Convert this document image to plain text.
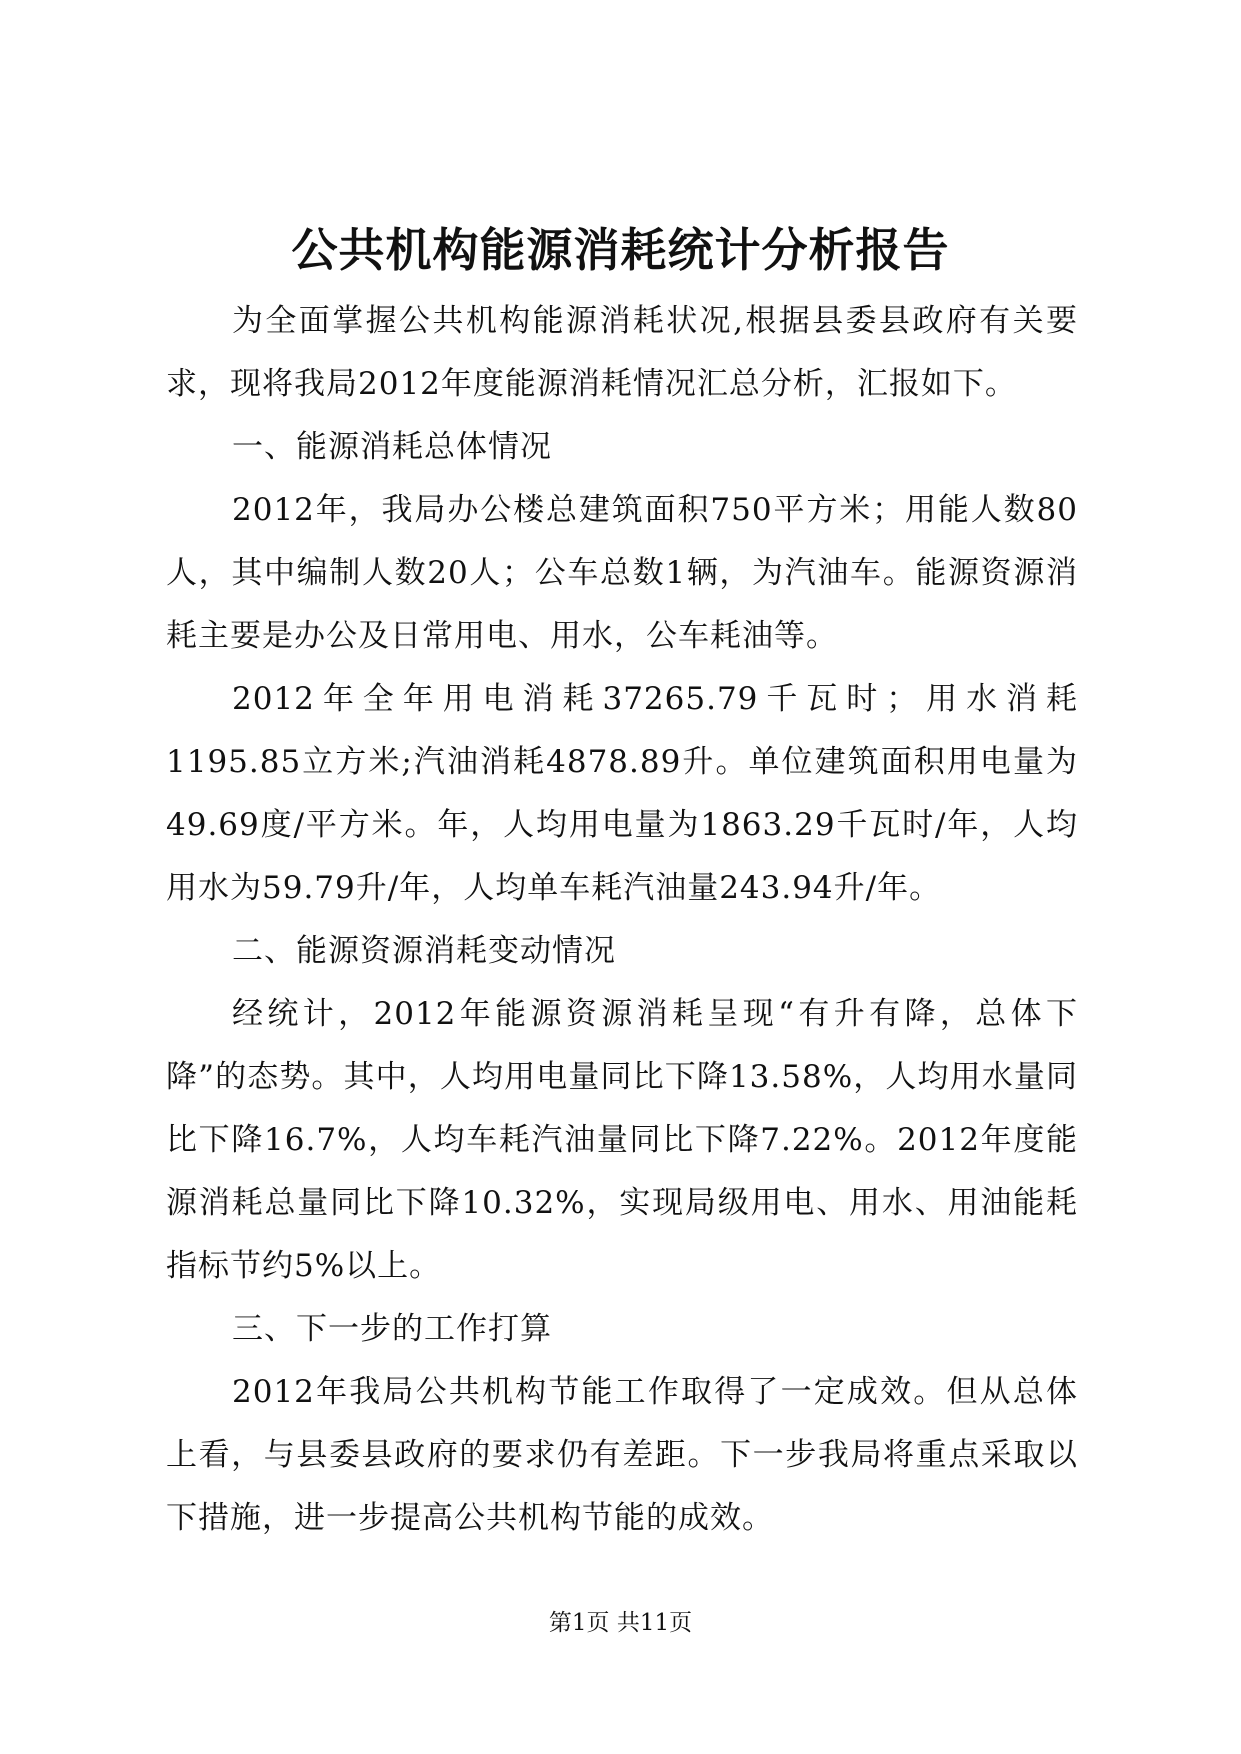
公共机构能源消耗统计分析报告

为全面掌握公共机构能源消耗状况,根据县委县政府有关要求，现将我局2012年度能源消耗情况汇总分析，汇报如下。

一、能源消耗总体情况

2012年，我局办公楼总建筑面积750平方米；用能人数80人，其中编制人数20人；公车总数1辆，为汽油车。能源资源消耗主要是办公及日常用电、用水，公车耗油等。

2012年全年用电消耗37265.79千瓦时；用水消耗1195.85立方米;汽油消耗4878.89升。单位建筑面积用电量为49.69度/平方米。年，人均用电量为1863.29千瓦时/年，人均用水为59.79升/年，人均单车耗汽油量243.94升/年。

二、能源资源消耗变动情况

经统计，2012年能源资源消耗呈现“有升有降，总体下降”的态势。其中，人均用电量同比下降13.58%，人均用水量同比下降16.7%，人均车耗汽油量同比下降7.22%。2012年度能源消耗总量同比下降10.32%，实现局级用电、用水、用油能耗指标节约5%以上。

三、下一步的工作打算

2012年我局公共机构节能工作取得了一定成效。但从总体上看，与县委县政府的要求仍有差距。下一步我局将重点采取以下措施，进一步提高公共机构节能的成效。

第1页 共11页
